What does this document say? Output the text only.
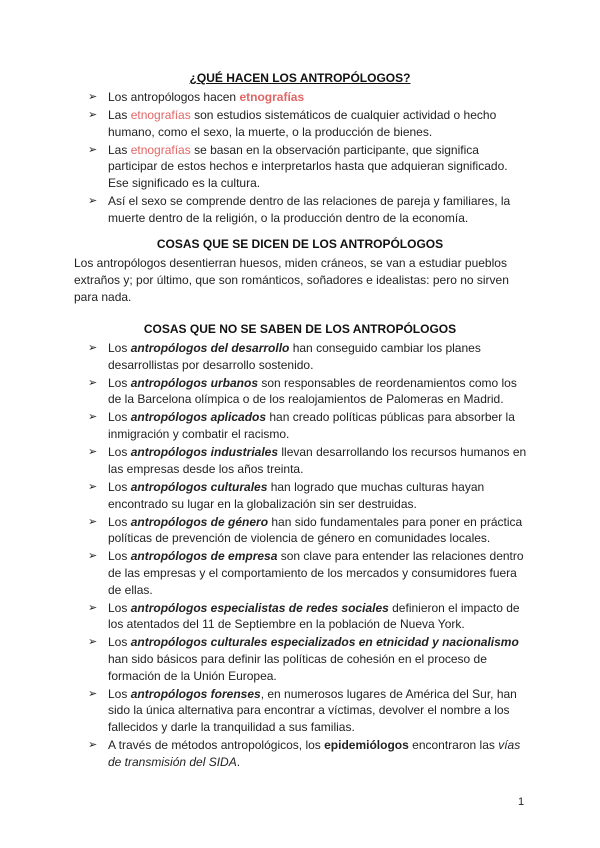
¿QUÉ HACEN LOS ANTROPÓLOGOS?
➢ Los antropólogos hacen etnografías
➢ Las etnografías son estudios sistemáticos de cualquier actividad o hecho humano, como el sexo, la muerte, o la producción de bienes.
➢ Las etnografías se basan en la observación participante, que significa participar de estos hechos e interpretarlos hasta que adquieran significado. Ese significado es la cultura.
➢ Así el sexo se comprende dentro de las relaciones de pareja y familiares, la muerte dentro de la religión, o la producción dentro de la economía.
COSAS QUE SE DICEN DE LOS ANTROPÓLOGOS

Los antropólogos desentierran huesos, miden cráneos, se van a estudiar pueblos extraños y; por último, que son románticos, soñadores e idealistas: pero no sirven para nada.

COSAS QUE NO SE SABEN DE LOS ANTROPÓLOGOS
➢ Los antropólogos del desarrollo han conseguido cambiar los planes desarrollistas por desarrollo sostenido.
➢ Los antropólogos urbanos son responsables de reordenamientos como los de la Barcelona olímpica o de los realojamientos de Palomeras en Madrid.
➢ Los antropólogos aplicados han creado políticas públicas para absorber la inmigración y combatir el racismo.
➢ Los antropólogos industriales llevan desarrollando los recursos humanos en las empresas desde los años treinta.
➢ Los antropólogos culturales han logrado que muchas culturas hayan encontrado su lugar en la globalización sin ser destruidas.
➢ Los antropólogos de género han sido fundamentales para poner en práctica políticas de prevención de violencia de género en comunidades locales.
➢ Los antropólogos de empresa son clave para entender las relaciones dentro de las empresas y el comportamiento de los mercados y consumidores fuera de ellas.
➢ Los antropólogos especialistas de redes sociales definieron el impacto de los atentados del 11 de Septiembre en la población de Nueva York.
➢ Los antropólogos culturales especializados en etnicidad y nacionalismo han sido básicos para definir las políticas de cohesión en el proceso de formación de la Unión Europea.
➢ Los antropólogos forenses, en numerosos lugares de América del Sur, han sido la única alternativa para encontrar a víctimas, devolver el nombre a los fallecidos y darle la tranquilidad a sus familias.
➢ A través de métodos antropológicos, los epidemiólogos encontraron las vías de transmisión del SIDA.
1
